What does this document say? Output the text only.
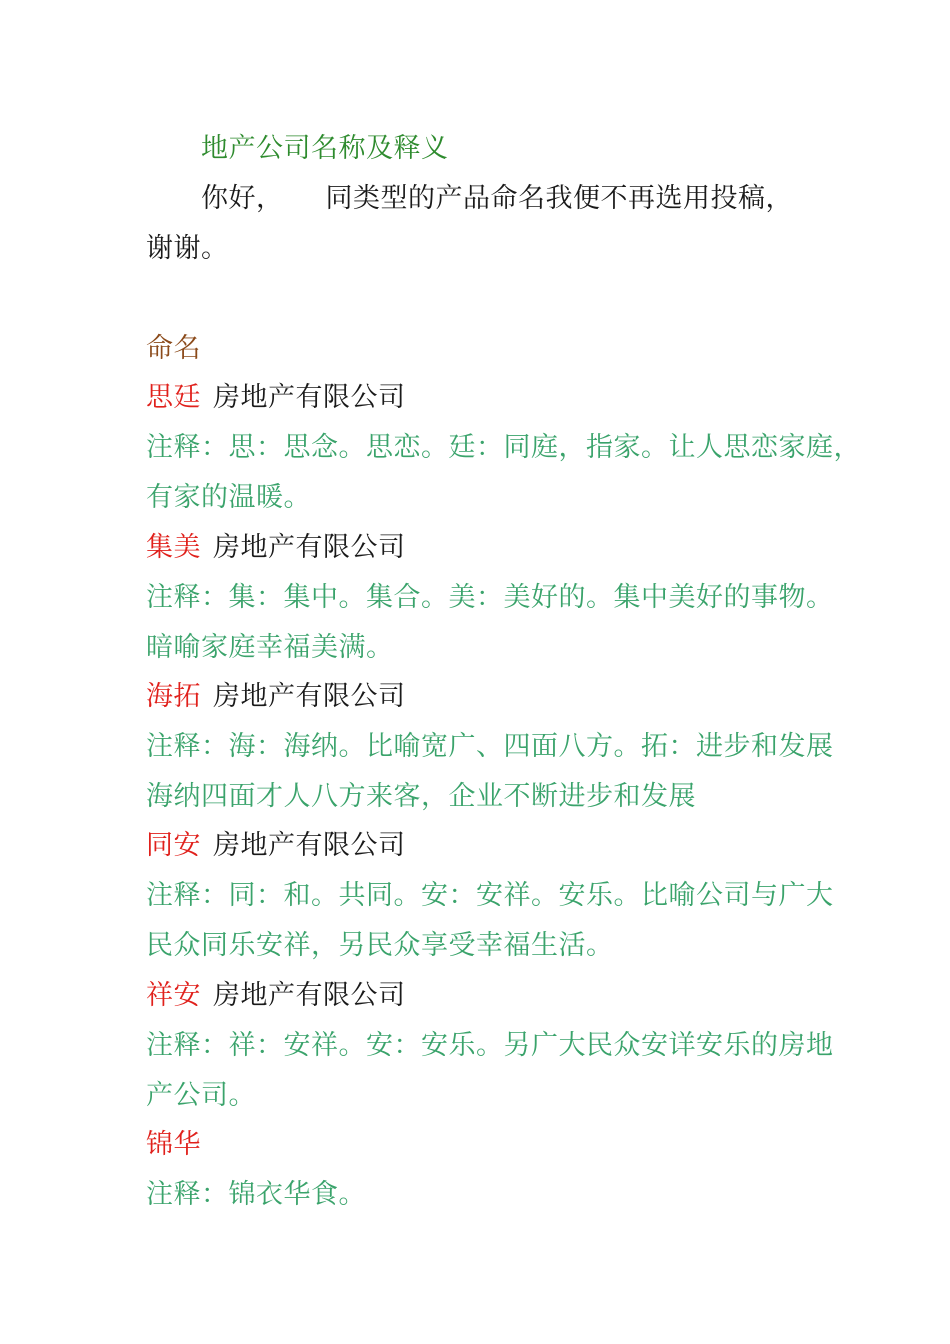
地产公司名称及释义
你好， 同类型的产品命名我便不再选用投稿，
谢谢。
命名
思廷 房地产有限公司
注释：思：思念。思恋。廷：同庭，指家。让人思恋家庭，
有家的温暖。
集美 房地产有限公司
注释：集：集中。集合。美：美好的。集中美好的事物。
暗喻家庭幸福美满。
海拓 房地产有限公司
注释：海：海纳。比喻宽广、四面八方。拓：进步和发展
海纳四面才人八方来客，企业不断进步和发展
同安 房地产有限公司
注释：同：和。共同。安：安祥。安乐。比喻公司与广大
民众同乐安祥，另民众享受幸福生活。
祥安 房地产有限公司
注释：祥：安祥。安：安乐。另广大民众安详安乐的房地
产公司。
锦华
注释：锦衣华食。
